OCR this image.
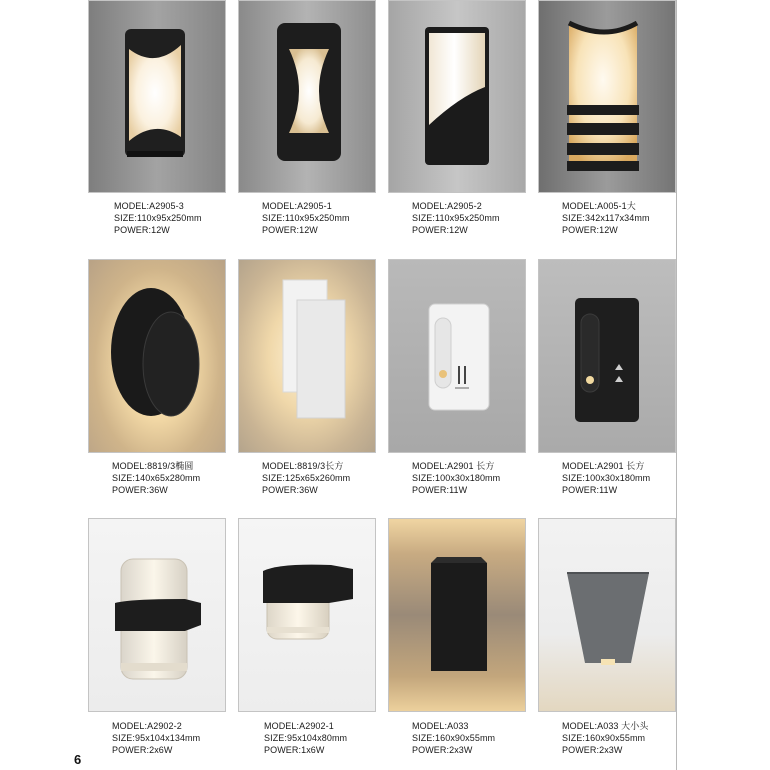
MODEL:A2905-3
SIZE:110x95x250mm
POWER:12W
MODEL:A2905-1
SIZE:110x95x250mm
POWER:12W
MODEL:A2905-2
SIZE:110x95x250mm
POWER:12W
MODEL:A005-1大
SIZE:342x117x34mm
POWER:12W
MODEL:8819/3椭圆
SIZE:140x65x280mm
POWER:36W
MODEL:8819/3长方
SIZE:125x65x260mm
POWER:36W
MODEL:A2901 长方
SIZE:100x30x180mm
POWER:11W
MODEL:A2901 长方
SIZE:100x30x180mm
POWER:11W
MODEL:A2902-2
SIZE:95x104x134mm
POWER:2x6W
MODEL:A2902-1
SIZE:95x104x80mm
POWER:1x6W
MODEL:A033
SIZE:160x90x55mm
POWER:2x3W
MODEL:A033 大小头
SIZE:160x90x55mm
POWER:2x3W
6
